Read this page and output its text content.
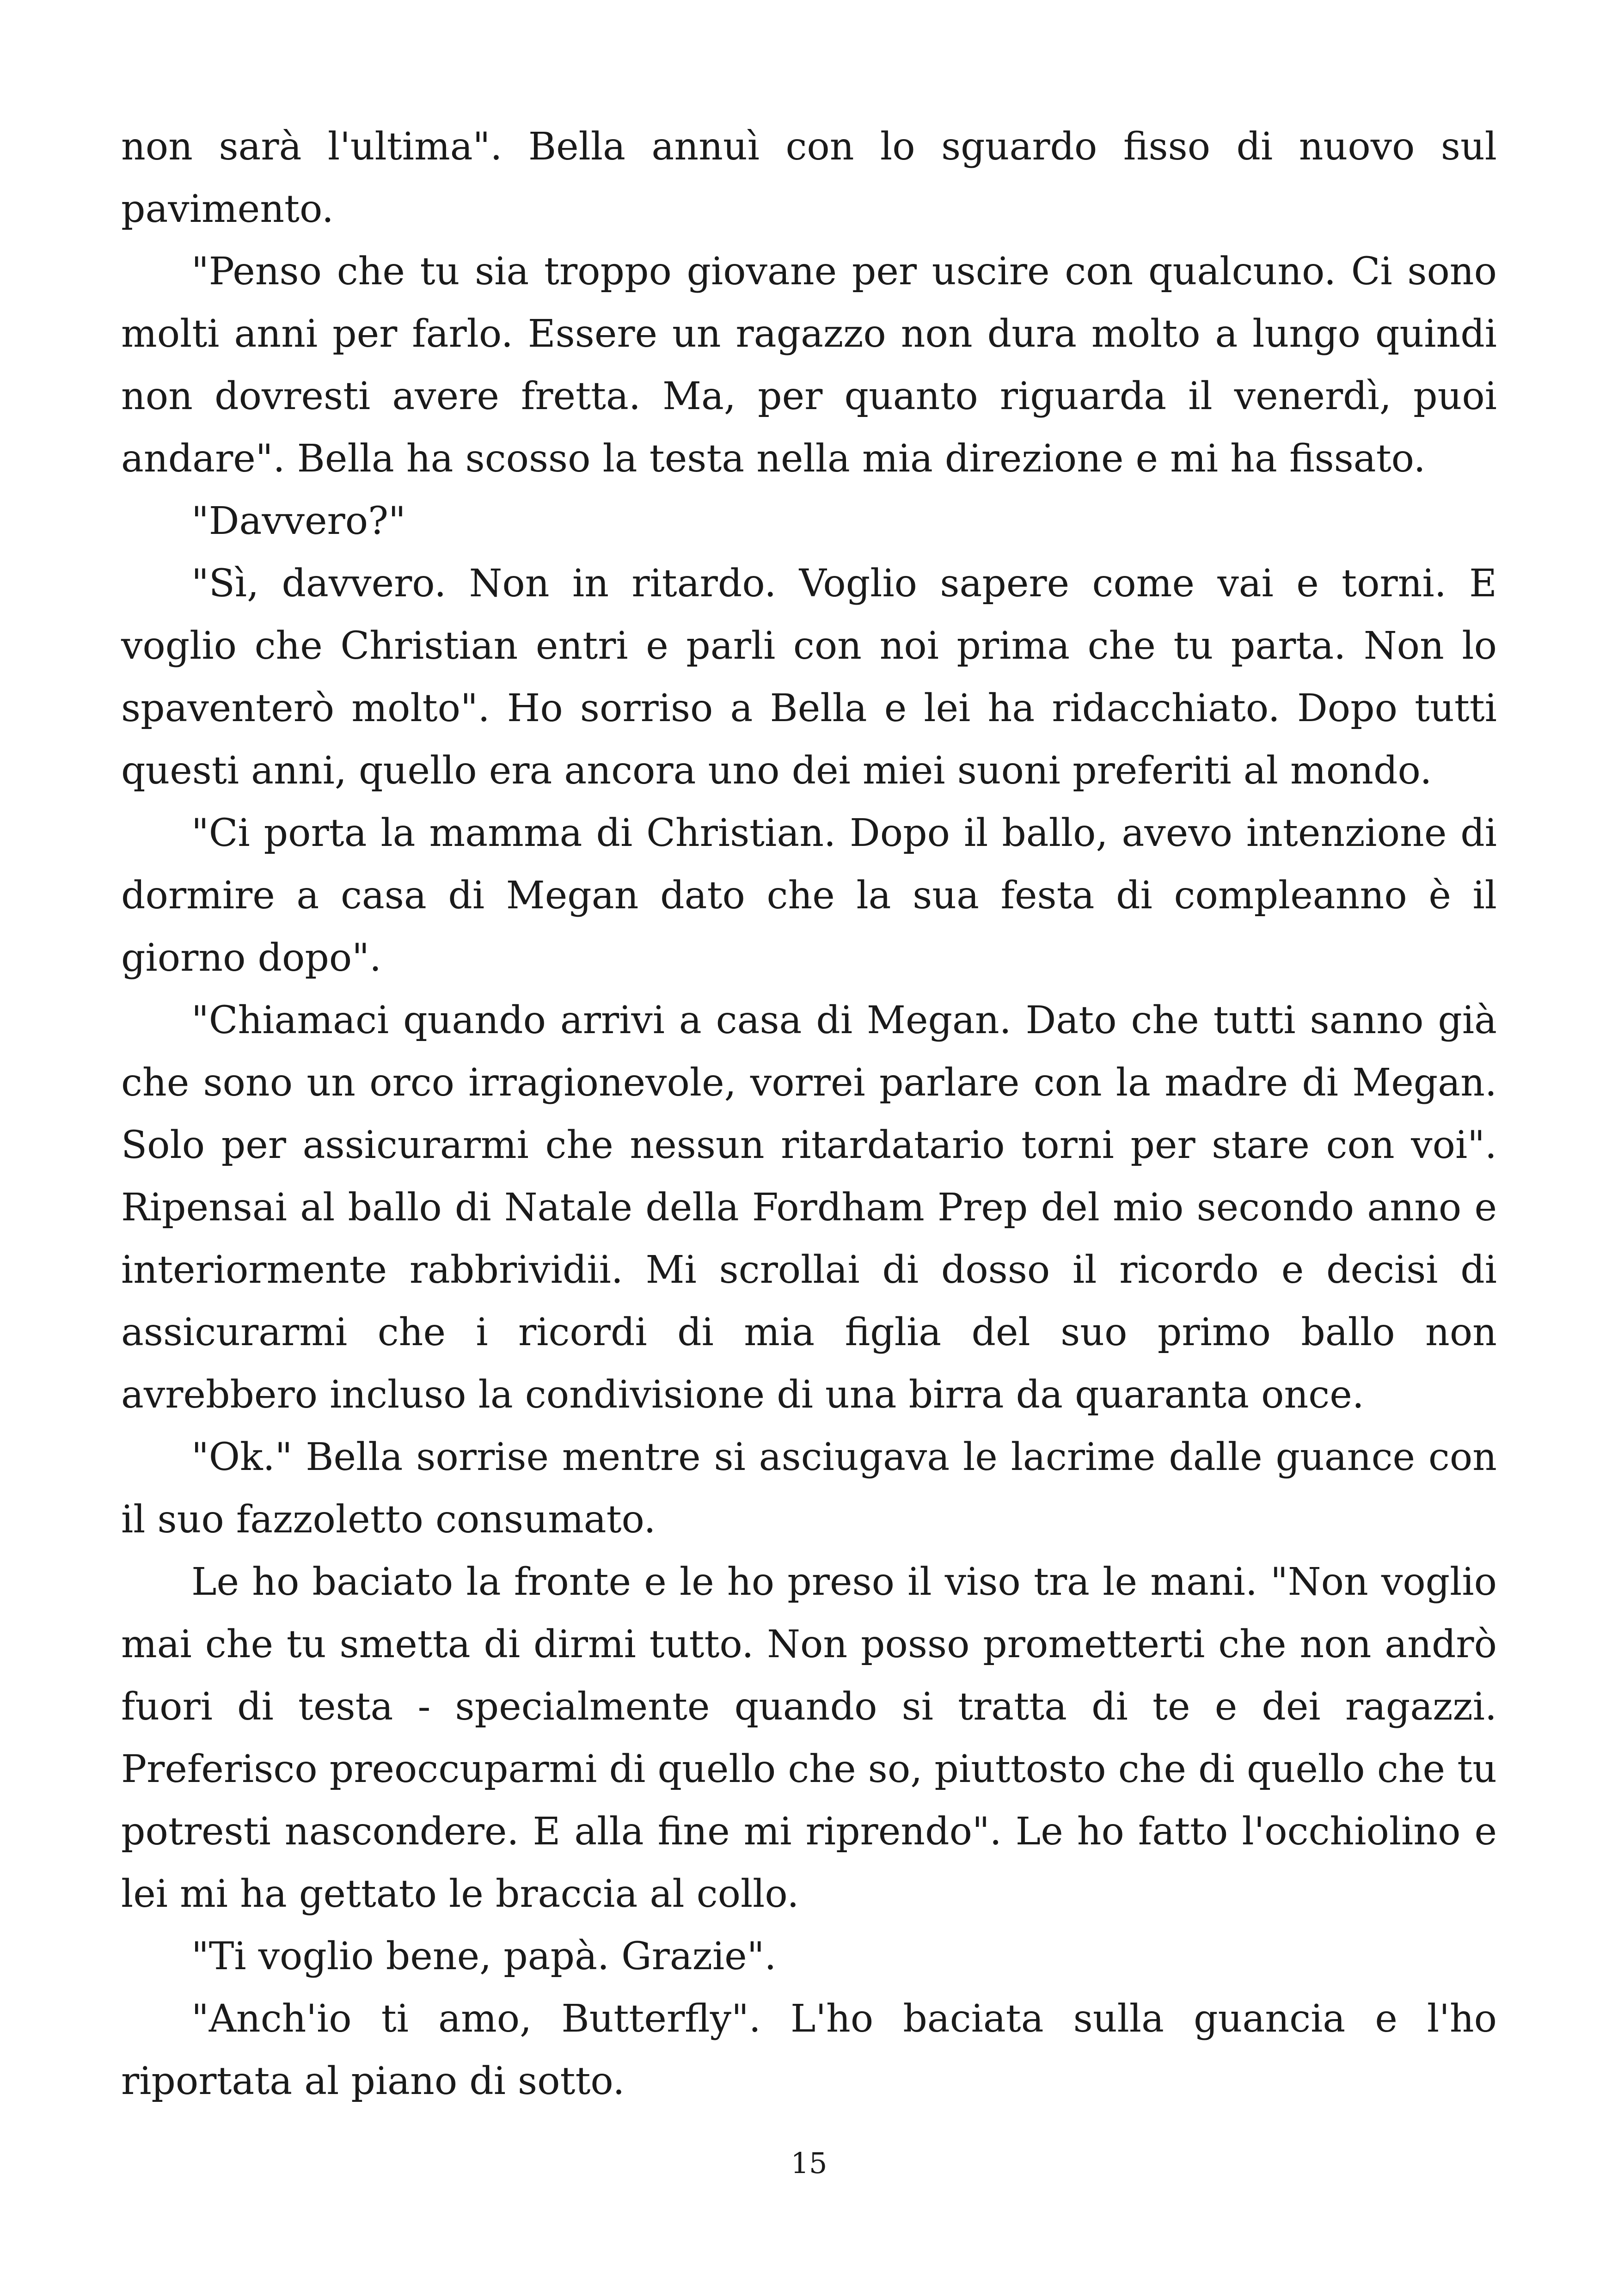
non sarà l'ultima". Bella annuì con lo sguardo fisso di nuovo sul pavimento.

"Penso che tu sia troppo giovane per uscire con qualcuno. Ci sono molti anni per farlo. Essere un ragazzo non dura molto a lungo quindi non dovresti avere fretta. Ma, per quanto riguarda il venerdì, puoi andare". Bella ha scosso la testa nella mia direzione e mi ha fissato.

"Davvero?"

"Sì, davvero. Non in ritardo. Voglio sapere come vai e torni. E voglio che Christian entri e parli con noi prima che tu parta. Non lo spaventerò molto". Ho sorriso a Bella e lei ha ridacchiato. Dopo tutti questi anni, quello era ancora uno dei miei suoni preferiti al mondo.

"Ci porta la mamma di Christian. Dopo il ballo, avevo intenzione di dormire a casa di Megan dato che la sua festa di compleanno è il giorno dopo".

"Chiamaci quando arrivi a casa di Megan. Dato che tutti sanno già che sono un orco irragionevole, vorrei parlare con la madre di Megan. Solo per assicurarmi che nessun ritardatario torni per stare con voi". Ripensai al ballo di Natale della Fordham Prep del mio secondo anno e interiormente rabbrividii. Mi scrollai di dosso il ricordo e decisi di assicurarmi che i ricordi di mia figlia del suo primo ballo non avrebbero incluso la condivisione di una birra da quaranta once.

"Ok." Bella sorrise mentre si asciugava le lacrime dalle guance con il suo fazzoletto consumato.

Le ho baciato la fronte e le ho preso il viso tra le mani. "Non voglio mai che tu smetta di dirmi tutto. Non posso prometterti che non andrò fuori di testa - specialmente quando si tratta di te e dei ragazzi. Preferisco preoccuparmi di quello che so, piuttosto che di quello che tu potresti nascondere. E alla fine mi riprendo". Le ho fatto l'occhiolino e lei mi ha gettato le braccia al collo.

"Ti voglio bene, papà. Grazie".

"Anch'io ti amo, Butterfly". L'ho baciata sulla guancia e l'ho riportata al piano di sotto.

15
